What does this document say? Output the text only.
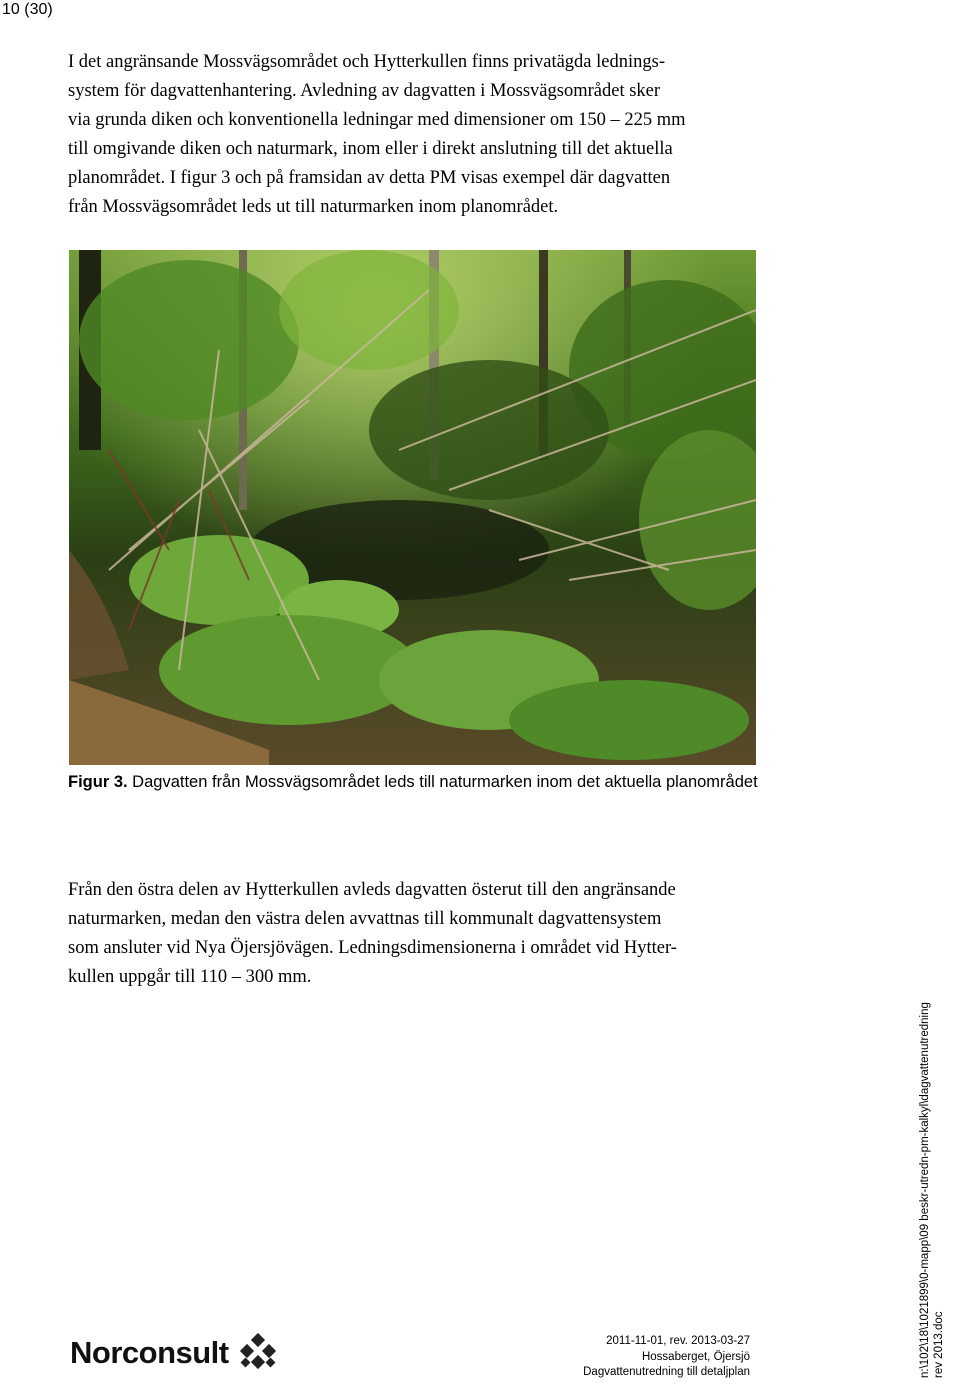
10 (30)

I det angränsande Mossvägsområdet och Hytterkullen finns privatägda lednings-
system för dagvattenhantering. Avledning av dagvatten i Mossvägsområdet sker
via grunda diken och konventionella ledningar med dimensioner om 150 – 225 mm
till omgivande diken och naturmark, inom eller i direkt anslutning till det aktuella
planområdet. I figur 3 och på framsidan av detta PM visas exempel där dagvatten
från Mossvägsområdet leds ut till naturmarken inom planområdet.

Figur 3. Dagvatten från Mossvägsområdet leds till naturmarken inom det aktuella planområdet

Från den östra delen av Hytterkullen avleds dagvatten österut till den angränsande
naturmarken, medan den västra delen avvattnas till kommunalt dagvattensystem
som ansluter vid Nya Öjersjövägen. Ledningsdimensionerna i området vid Hytter-
kullen uppgår till 110 – 300 mm.

Norconsult	2011-11-01, rev. 2013-03-27
Hossaberget, Öjersjö
Dagvattenutredning till detaljplan	n:\102\18\1021899\0-mapp\09 beskr-utredn-pm-kalkyl\dagvattenutredning rev 2013.doc
